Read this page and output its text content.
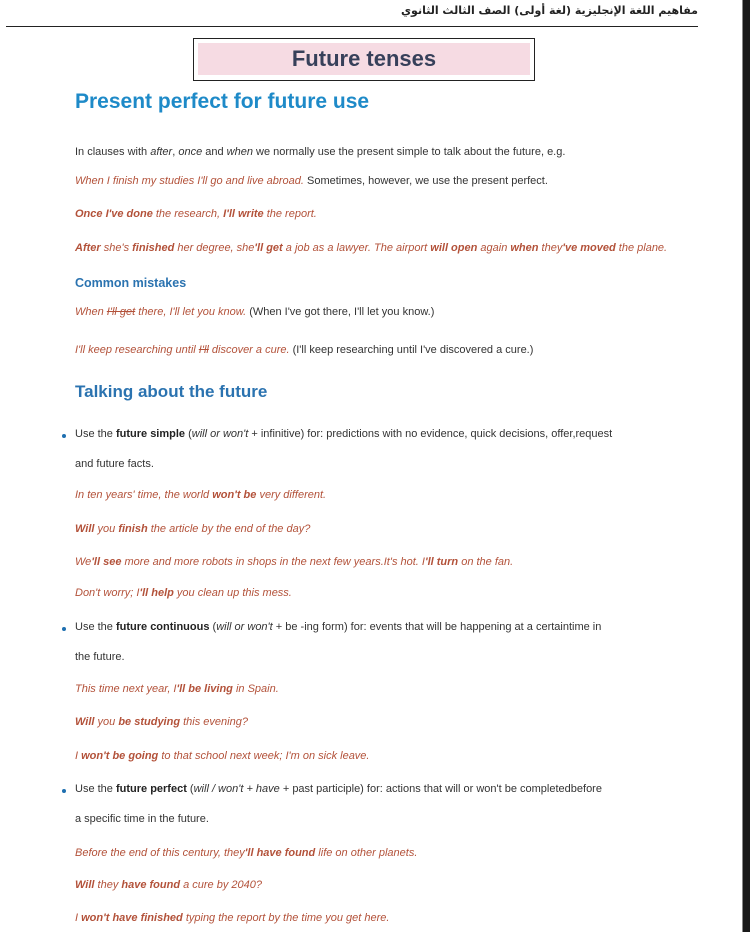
مفاهيم اللغة الإنجليزية (لغة أولى) الصف الثالث الثانوي
Future tenses
Present perfect for future use
In clauses with after, once and when we normally use the present simple to talk about the future, e.g.
When I finish my studies I'll go and live abroad. Sometimes, however, we use the present perfect.
Once I've done the research, I'll write the report.
After she's finished her degree, she'll get a job as a lawyer. The airport will open again when they've moved the plane.
Common mistakes
When I'll get there, I'll let you know. (When I've got there, I'll let you know.)
I'll keep researching until I'll discover a cure. (I'll keep researching until I've discovered a cure.)
Talking about the future
Use the future simple (will or won't + infinitive) for: predictions with no evidence, quick decisions, offer,request
and future facts.
In ten years' time, the world won't be very different.
Will you finish the article by the end of the day?
We'll see more and more robots in shops in the next few years.It's hot. I'll turn on the fan.
Don't worry; I'll help you clean up this mess.
Use the future continuous (will or won't + be -ing form) for: events that will be happening at a certaintime in
the future.
This time next year, I'll be living in Spain.
Will you be studying this evening?
I won't be going to that school next week; I'm on sick leave.
Use the future perfect (will / won't + have + past participle) for: actions that will or won't be completedbefore
a specific time in the future.
Before the end of this century, they'll have found life on other planets.
Will they have found a cure by 2040?
I won't have finished typing the report by the time you get here.
